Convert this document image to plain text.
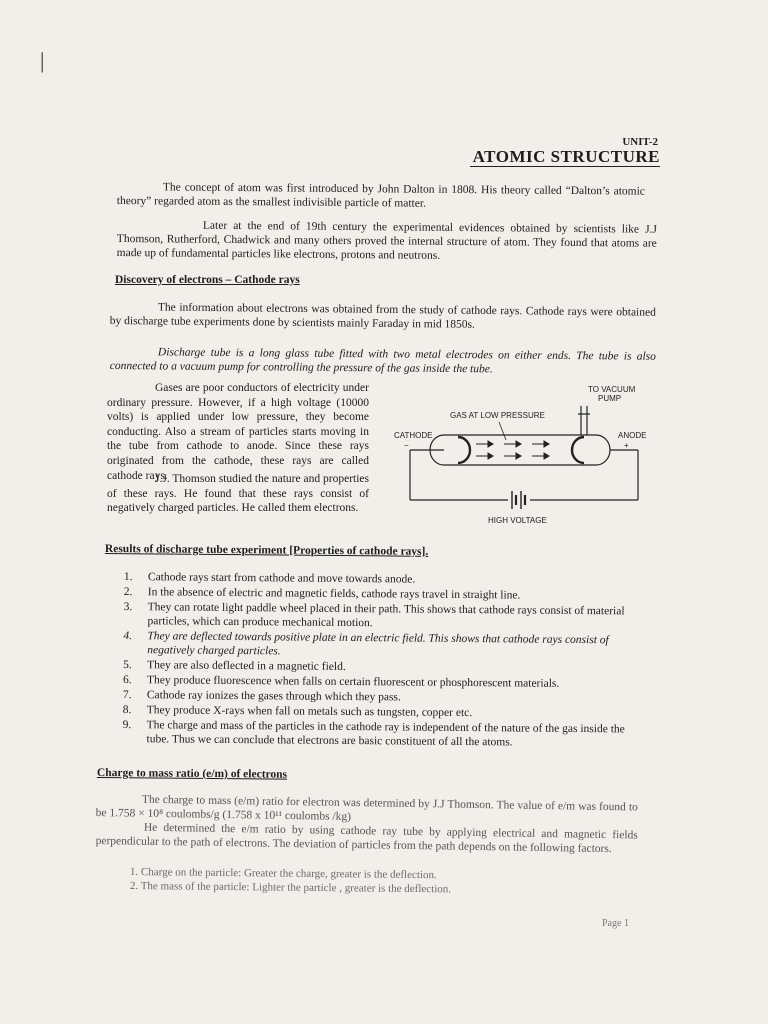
|
UNIT-2
ATOMIC STRUCTURE
The concept of atom was first introduced by John Dalton in 1808. His theory called “Dalton’s atomic theory” regarded atom as the smallest indivisible particle of matter.
Later at the end of 19th century the experimental evidences obtained by scientists like J.J Thomson, Rutherford, Chadwick and many others proved the internal structure of atom. They found that atoms are made up of fundamental particles like electrons, protons and neutrons.
Discovery of electrons – Cathode rays
The information about electrons was obtained from the study of cathode rays. Cathode rays were obtained by discharge tube experiments done by scientists mainly Faraday in mid 1850s.
Discharge tube is a long glass tube fitted with two metal electrodes on either ends. The tube is also connected to a vacuum pump for controlling the pressure of the gas inside the tube.
Gases are poor conductors of electricity under ordinary pressure. However, if a high voltage (10000 volts) is applied under low pressure, they become conducting. Also a stream of particles starts moving in the tube from cathode to anode. Since these rays originated from the cathode, these rays are called cathode rays.
J.J. Thomson studied the nature and properties of these rays. He found that these rays consist of negatively charged particles. He called them electrons.
TO VACUUM
PUMP
GAS AT LOW PRESSURE
CATHODE
−
ANODE
+
HIGH VOLTAGE
Results of discharge tube experiment [Properties of cathode rays].
1. Cathode rays start from cathode and move towards anode.
2. In the absence of electric and magnetic fields, cathode rays travel in straight line.
3. They can rotate light paddle wheel placed in their path. This shows that cathode rays consist of material particles, which can produce mechanical motion.
4. They are deflected towards positive plate in an electric field. This shows that cathode rays consist of negatively charged particles.
5. They are also deflected in a magnetic field.
6. They produce fluorescence when falls on certain fluorescent or phosphorescent materials.
7. Cathode ray ionizes the gases through which they pass.
8. They produce X-rays when fall on metals such as tungsten, copper etc.
9. The charge and mass of the particles in the cathode ray is independent of the nature of the gas inside the tube. Thus we can conclude that electrons are basic constituent of all the atoms.
Charge to mass ratio (e/m) of electrons
The charge to mass (e/m) ratio for electron was determined by J.J Thomson. The value of e/m was found to be 1.758 × 10⁸ coulombs/g (1.758 x 10¹¹ coulombs /kg)
He determined the e/m ratio by using cathode ray tube by applying electrical and magnetic fields perpendicular to the path of electrons. The deviation of particles from the path depends on the following factors.
1. Charge on the particle: Greater the charge, greater is the deflection.
2. The mass of the particle: Lighter the particle , greater is the deflection.
Page 1
